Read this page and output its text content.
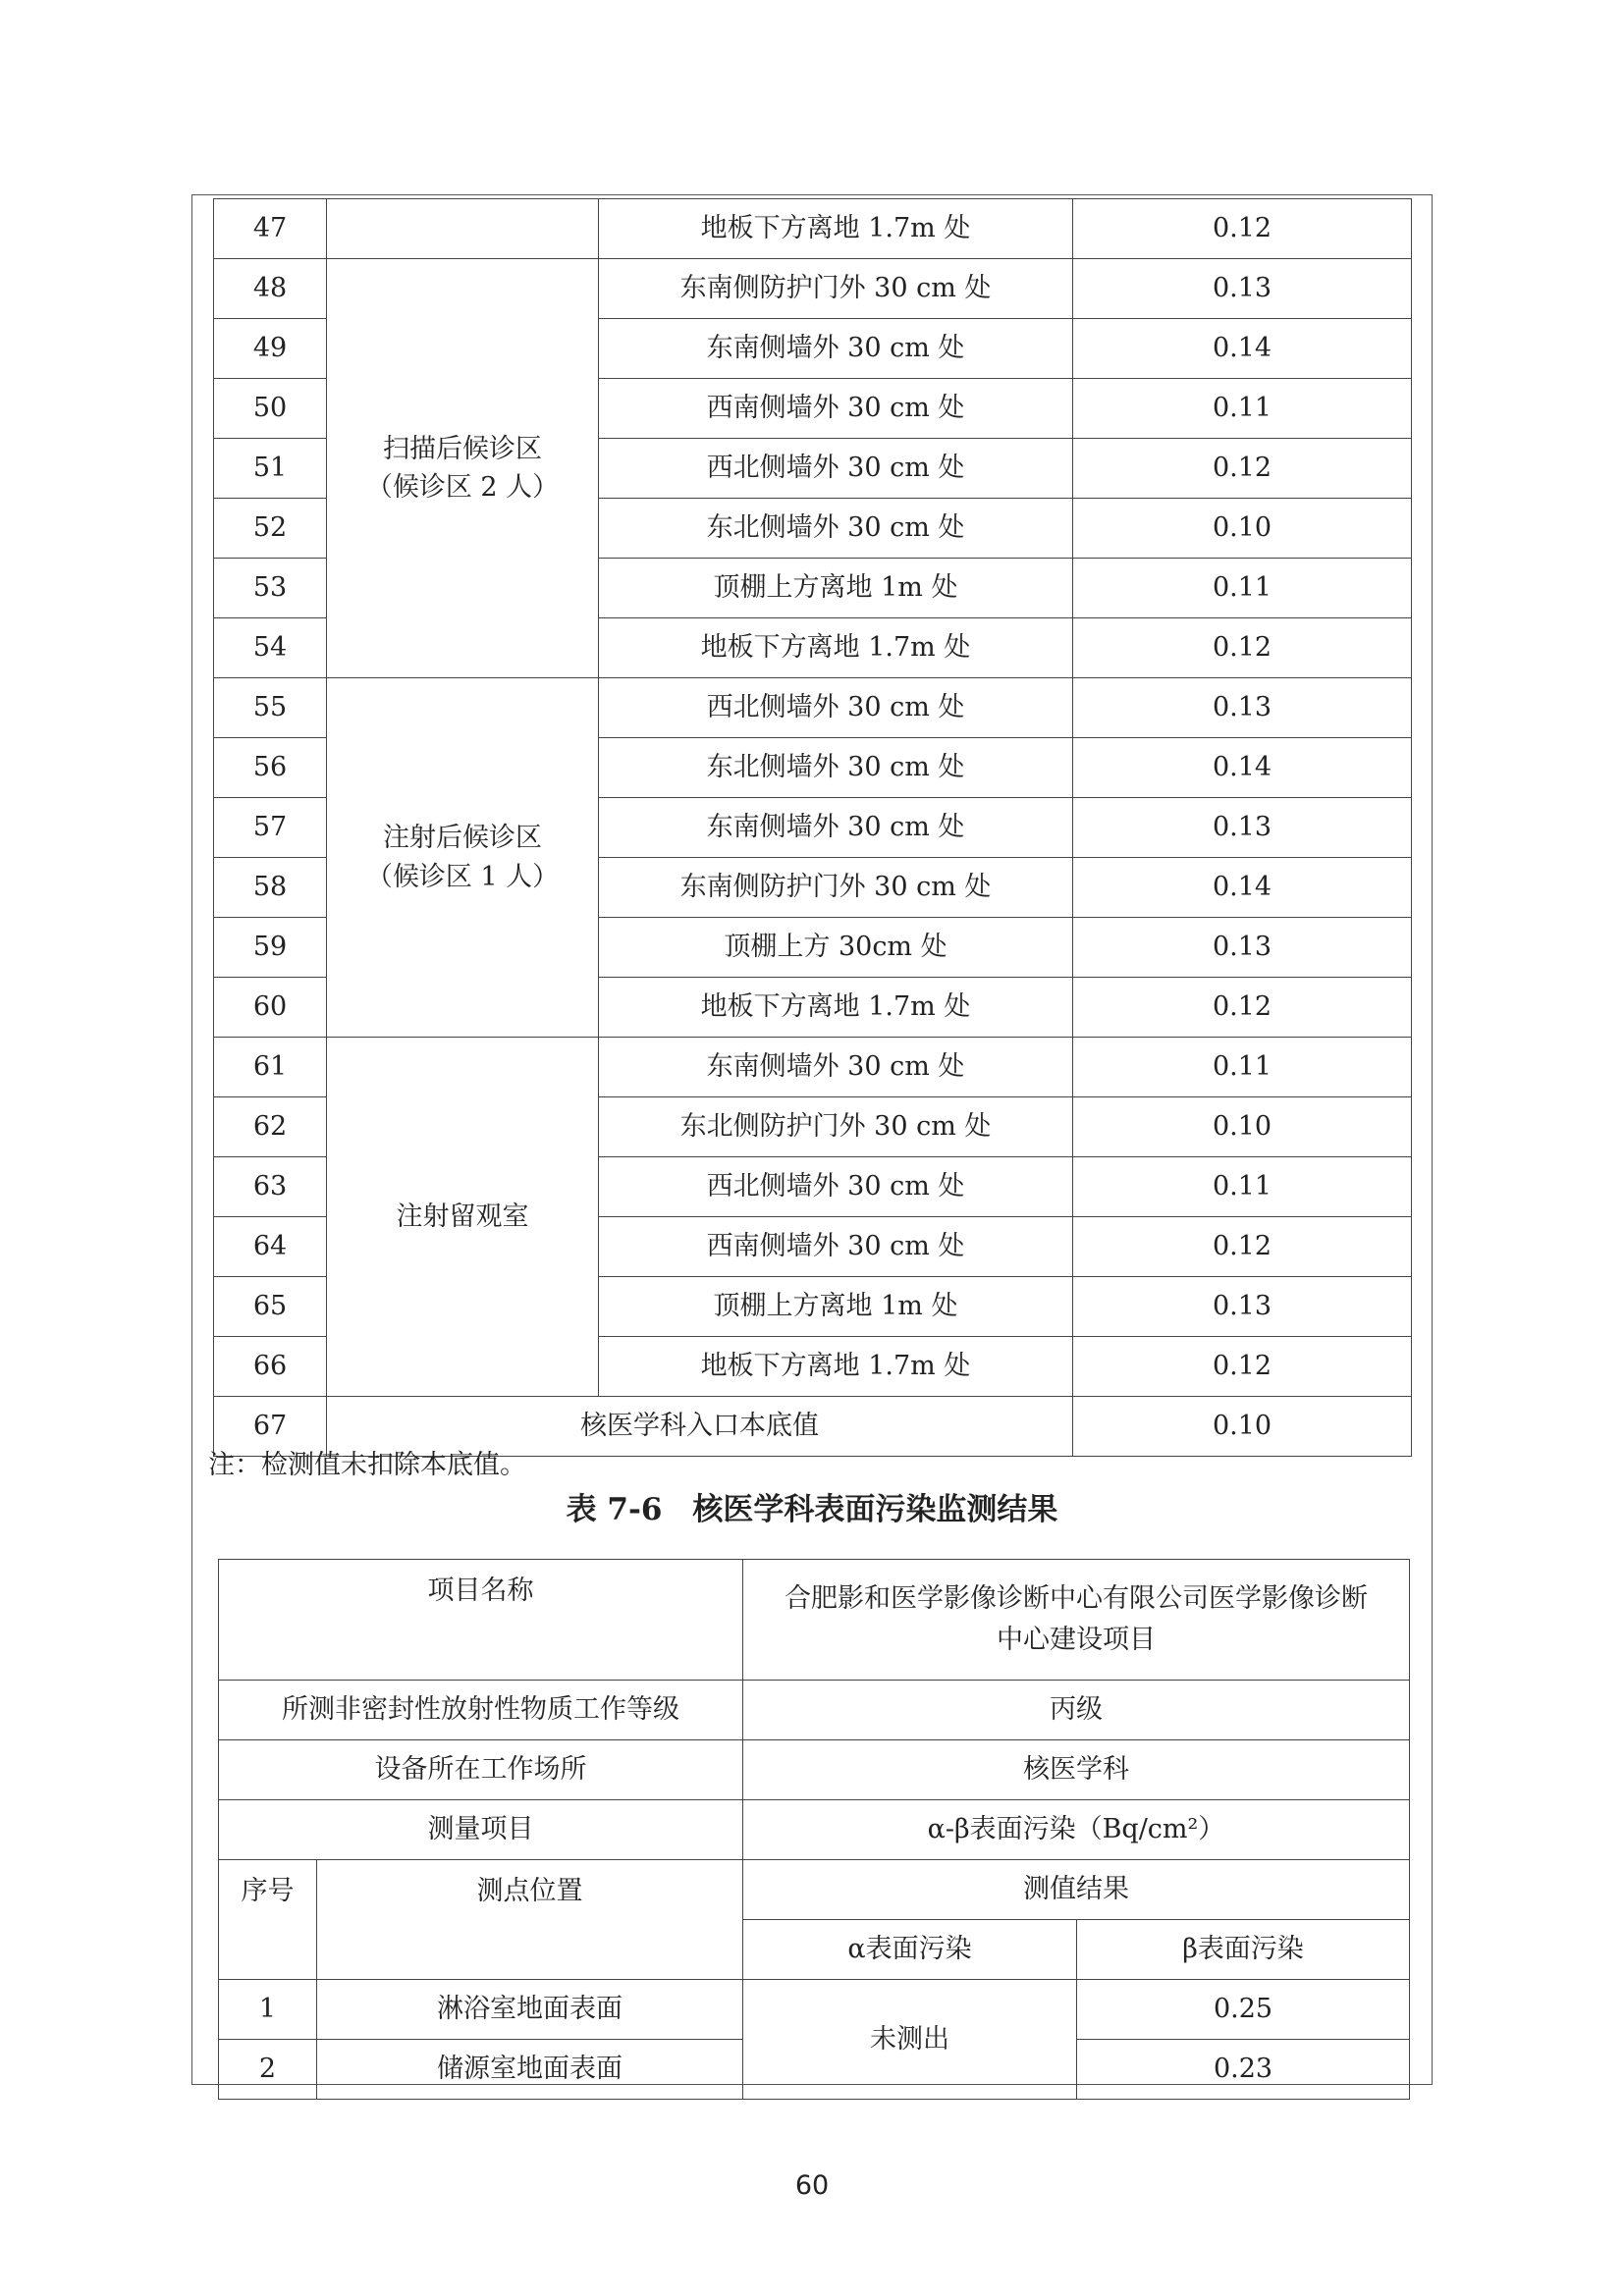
47		地板下方离地 1.7m 处	0.12
48	扫描后候诊区
（候诊区 2 人）	东南侧防护门外 30 cm 处	0.13
49		东南侧墙外 30 cm 处	0.14
50		西南侧墙外 30 cm 处	0.11
51		西北侧墙外 30 cm 处	0.12
52		东北侧墙外 30 cm 处	0.10
53		顶棚上方离地 1m 处	0.11
54		地板下方离地 1.7m 处	0.12
55	注射后候诊区
（候诊区 1 人）	西北侧墙外 30 cm 处	0.13
56		东北侧墙外 30 cm 处	0.14
57		东南侧墙外 30 cm 处	0.13
58		东南侧防护门外 30 cm 处	0.14
59		顶棚上方 30cm 处	0.13
60		地板下方离地 1.7m 处	0.12
61	注射留观室	东南侧墙外 30 cm 处	0.11
62		东北侧防护门外 30 cm 处	0.10
63		西北侧墙外 30 cm 处	0.11
64		西南侧墙外 30 cm 处	0.12
65		顶棚上方离地 1m 处	0.13
66		地板下方离地 1.7m 处	0.12
67	核医学科入口本底值		0.10
注：检测值未扣除本底值。
表 7-6　核医学科表面污染监测结果
项目名称		合肥影和医学影像诊断中心有限公司医学影像诊断
中心建设项目	
所测非密封性放射性物质工作等级		丙级	
设备所在工作场所		核医学科	
测量项目		α-β表面污染（Bq/cm²）	
序号	测点位置	测值结果	
		α表面污染	β表面污染
1	淋浴室地面表面	未测出	0.25
2	储源室地面表面		0.23
60
